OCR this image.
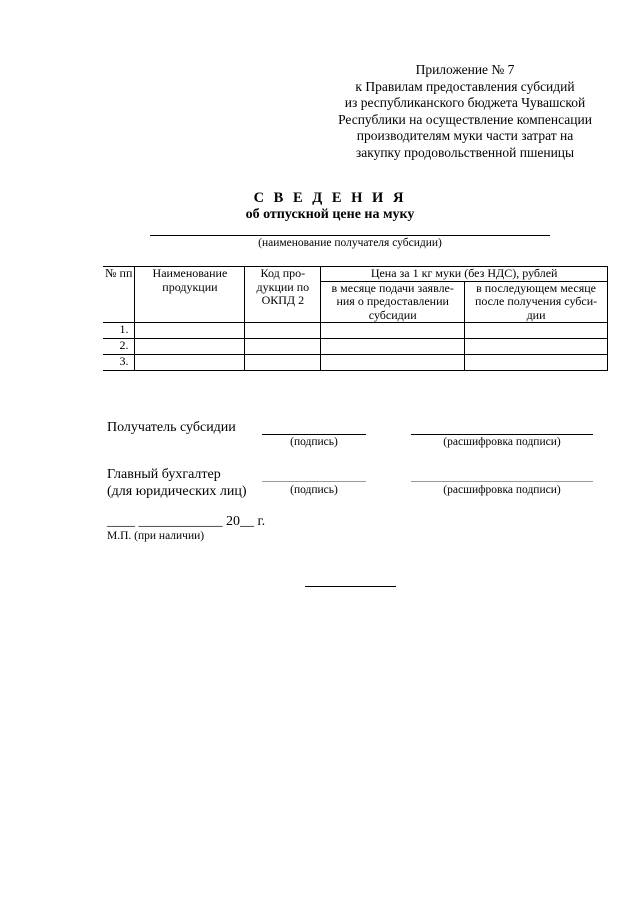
Приложение № 7
к Правилам предоставления субсидий
из республиканского бюджета Чувашской
Республики на осуществление компенсации
производителям муки части затрат на
закупку продовольственной пшеницы
С В Е Д Е Н И Я
об отпускной цене на муку
(наименование получателя субсидии)
№ пп	Наименование продукции	Код про-дукции по ОКПД 2	Цена за 1 кг муки (без НДС), рублей	
			в месяце подачи заявле-ния о предоставлении субсидии	в последующем месяце после получения субси-дии
1.				
2.				
3.				
Получатель субсидии
(подпись)	(расшифровка подписи)
Главный бухгалтер
(для юридических лиц)	(подпись)	(расшифровка подписи)
____ ____________ 20__ г.
М.П. (при наличии)
